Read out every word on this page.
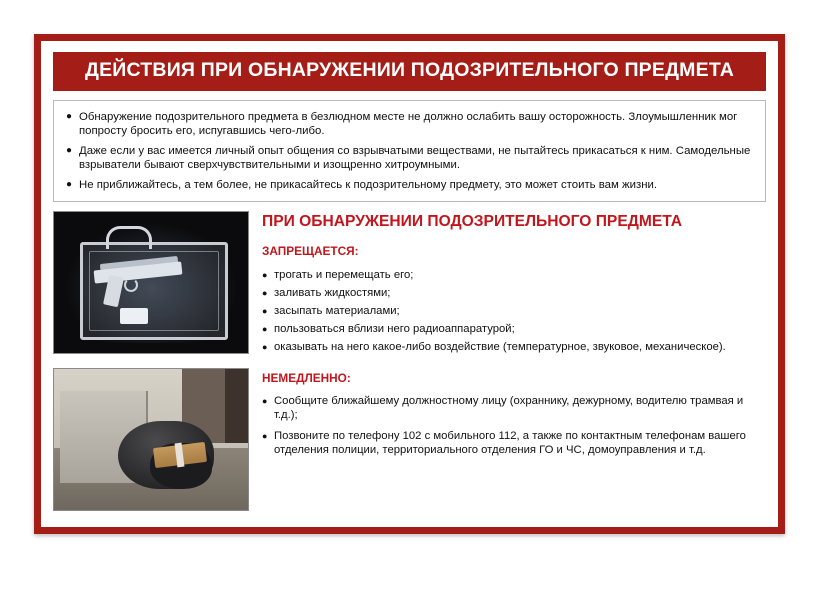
ДЕЙСТВИЯ ПРИ ОБНАРУЖЕНИИ ПОДОЗРИТЕЛЬНОГО ПРЕДМЕТА
● Обнаружение подозрительного предмета в безлюдном месте не должно ослабить вашу осторожность. Злоумышленник мог попросту бросить его, испугавшись чего-либо.
● Даже если у вас имеется личный опыт общения со взрывчатыми веществами, не пытайтесь прикасаться к ним. Самодельные взрыватели бывают сверхчувствительными и изощренно хитроумными.
● Не приближайтесь, а тем более, не прикасайтесь к подозрительному предмету, это может стоить вам жизни.
ПРИ ОБНАРУЖЕНИИ ПОДОЗРИТЕЛЬНОГО ПРЕДМЕТА
ЗАПРЕЩАЕТСЯ:
● трогать и перемещать его;
● заливать жидкостями;
● засыпать материалами;
● пользоваться вблизи него радиоаппаратурой;
● оказывать на него какое-либо воздействие (температурное, звуковое, механическое).
НЕМЕДЛЕННО:
● Сообщите ближайшему должностному лицу (охраннику, дежурному, водителю трамвая и т.д.);
● Позвоните по телефону 102 с мобильного 112, а также по контактным телефонам вашего отделения полиции, территориального отделения ГО и ЧС, домоуправления и т.д.
